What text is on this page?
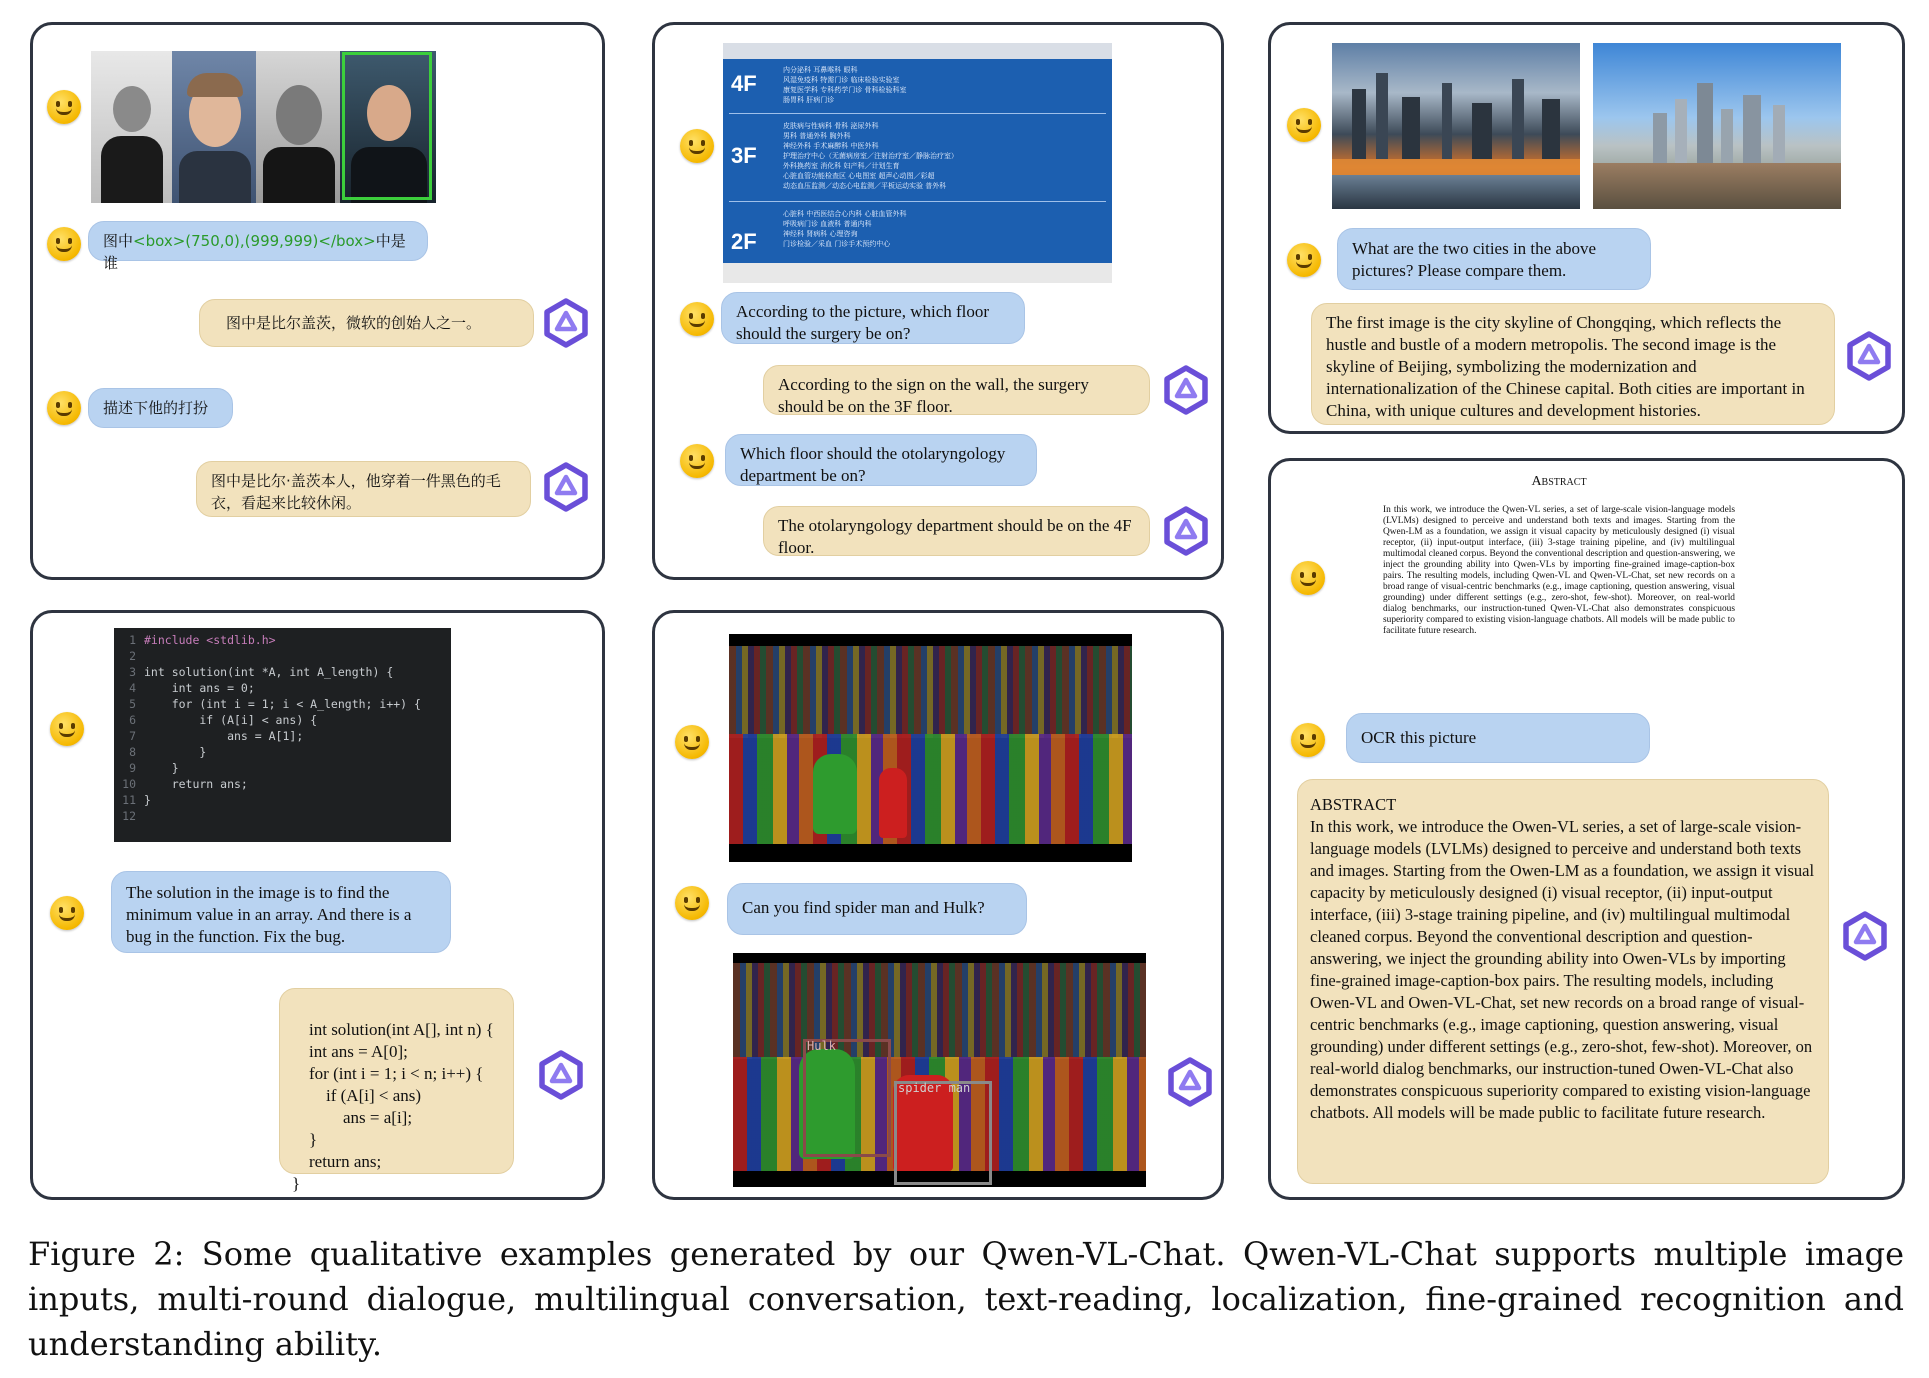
图中<box>(750,0),(999,999)</box>中是谁
图中是比尔盖茨，微软的创始人之一。
描述下他的打扮
图中是比尔·盖茨本人，他穿着一件黑色的毛衣，看起来比较休闲。
4F
内分泌科 耳鼻喉科 眼科
风湿免疫科 特需门诊 临床检验实验室
康复医学科 专科药学门诊 骨科检验科室
肠胃科 肝病门诊
3F
皮肤病与性病科 骨科 泌尿外科
男科 普通外科 胸外科
神经外科 手术麻醉科 中医外科
护理治疗中心（无菌病房室／注射治疗室／静脉治疗室）
外科换药室 消化科 妇产科／计划生育
心脏血管功能检查区 心电图室 超声心动图／彩超
动态血压监测／动态心电监测／平板运动实验 普外科
2F
心脏科 中西医结合心内科 心脏血管外科
呼吸病门诊 血液科 普通内科
神经科 肾病科 心理咨询
门诊检验／采血 门诊手术预约中心
According to the picture, which floor should the surgery be on?
According to the sign on the wall, the surgery should be on the 3F floor.
Which floor should the otolaryngology department be on?
The otolaryngology department should be on the 4F floor.
What are the two cities in the above pictures? Please compare them.
The first image is the city skyline of Chongqing, which reflects the hustle and bustle of a modern metropolis. The second image is the skyline of Beijing, symbolizing the modernization and internationalization of the Chinese capital. Both cities are important in China, with unique cultures and development histories.
1 #include <stdlib.h>
2
3 int solution(int *A, int A_length) {
4 int ans = 0;
5 for (int i = 1; i < A_length; i++) {
6 if (A[i] < ans) {
7 ans = A[1];
8 }
9 }
10 return ans;
11 }
12
The solution in the image is to find the minimum value in an array. And there is a bug in the function. Fix the bug.

int solution(int A[], int n) {
int ans = A[0];
for (int i = 1; i < n; i++) {
if (A[i] < ans)
ans = a[i];
}
return ans;
}

Can you find spider man and Hulk?
Hulk
spider man
Abstract
In this work, we introduce the Qwen-VL series, a set of large-scale vision-language models (LVLMs) designed to perceive and understand both texts and images. Starting from the Qwen-LM as a foundation, we assign it visual capacity by meticulously designed (i) visual receptor, (ii) input-output interface, (iii) 3-stage training pipeline, and (iv) multilingual multimodal cleaned corpus. Beyond the conventional description and question-answering, we inject the grounding ability into Qwen-VLs by importing fine-grained image-caption-box pairs. The resulting models, including Qwen-VL and Qwen-VL-Chat, set new records on a broad range of visual-centric benchmarks (e.g., image captioning, question answering, visual grounding) under different settings (e.g., zero-shot, few-shot). Moreover, on real-world dialog benchmarks, our instruction-tuned Qwen-VL-Chat also demonstrates conspicuous superiority compared to existing vision-language chatbots. All models will be made public to facilitate future research.
OCR this picture
ABSTRACT
In this work, we introduce the Owen-VL series, a set of large-scale vision-language models (LVLMs) designed to perceive and understand both texts and images. Starting from the Owen-LM as a foundation, we assign it visual capacity by meticulously designed (i) visual receptor, (ii) input-output interface, (iii) 3-stage training pipeline, and (iv) multilingual multimodal cleaned corpus. Beyond the conventional description and question-answering, we inject the grounding ability into Owen-VLs by importing fine-grained image-caption-box pairs. The resulting models, including Owen-VL and Owen-VL-Chat, set new records on a broad range of visual-centric benchmarks (e.g., image captioning, question answering, visual grounding) under different settings (e.g., zero-shot, few-shot). Moreover, on real-world dialog benchmarks, our instruction-tuned Owen-VL-Chat also demonstrates conspicuous superiority compared to existing vision-language chatbots. All models will be made public to facilitate future research.
Figure 2: Some qualitative examples generated by our Qwen-VL-Chat. Qwen-VL-Chat supports multiple image inputs, multi-round dialogue, multilingual conversation, text-reading, localization, fine-grained recognition and understanding ability.
